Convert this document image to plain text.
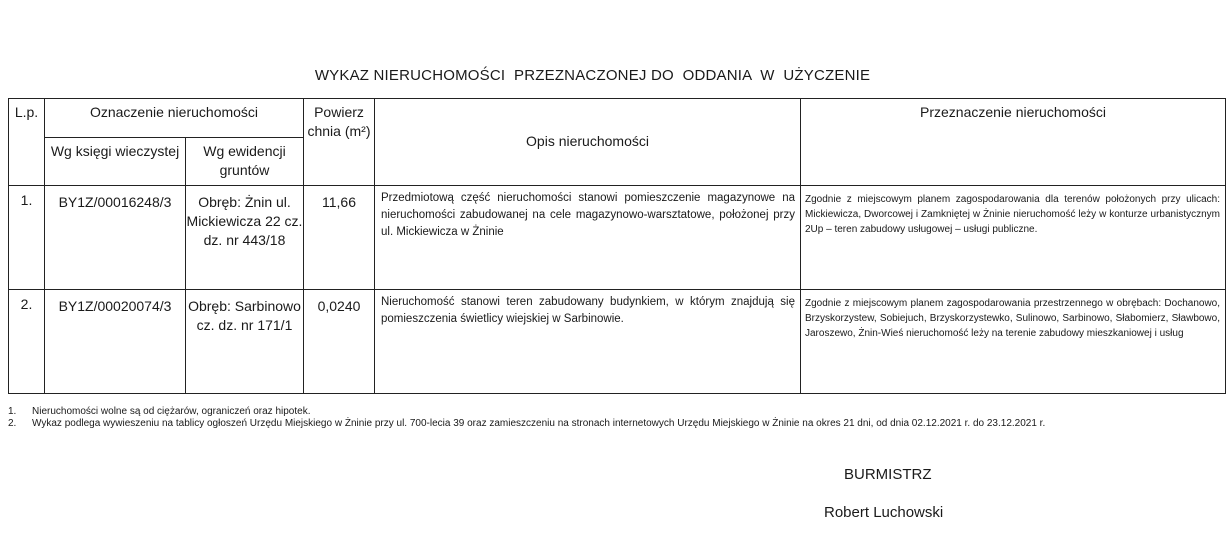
WYKAZ NIERUCHOMOŚCI  PRZEZNACZONEJ DO  ODDANIA  W  UŻYCZENIE
L.p.	Oznaczenie nieruchomości		Powierz chnia (m²)	Opis nieruchomości	Przeznaczenie nieruchomości
	Wg księgi wieczystej	Wg ewidencji gruntów			
1.	BY1Z/00016248/3	Obręb: Żnin ul. Mickiewicza 22 cz. dz. nr 443/18	11,66	Przedmiotową część nieruchomości stanowi pomieszczenie magazynowe na nieruchomości zabudowanej na cele magazynowo-warsztatowe, położonej przy ul. Mickiewicza w Żninie	Zgodnie z miejscowym planem zagospodarowania dla terenów położonych przy ulicach: Mickiewicza, Dworcowej i Zamkniętej w Żninie nieruchomość leży w konturze urbanistycznym 2Up – teren zabudowy usługowej – usługi publiczne.
2.	BY1Z/00020074/3	Obręb: Sarbinowo cz. dz. nr 171/1	0,0240	Nieruchomość stanowi teren zabudowany budynkiem, w którym znajdują się pomieszczenia świetlicy wiejskiej w Sarbinowie.	Zgodnie z miejscowym planem zagospodarowania przestrzennego w obrębach: Dochanowo, Brzyskorzystew, Sobiejuch, Brzyskorzystewko, Sulinowo, Sarbinowo, Słabomierz, Sławbowo, Jaroszewo, Żnin-Wieś nieruchomość leży na terenie zabudowy mieszkaniowej i usług
1.	Nieruchomości wolne są od ciężarów, ograniczeń oraz hipotek.
2.	Wykaz podlega wywieszeniu na tablicy ogłoszeń Urzędu Miejskiego w Żninie przy ul. 700-lecia 39 oraz zamieszczeniu na stronach internetowych Urzędu Miejskiego w Żninie na okres 21 dni, od dnia 02.12.2021 r. do 23.12.2021 r.
BURMISTRZ
Robert Luchowski
